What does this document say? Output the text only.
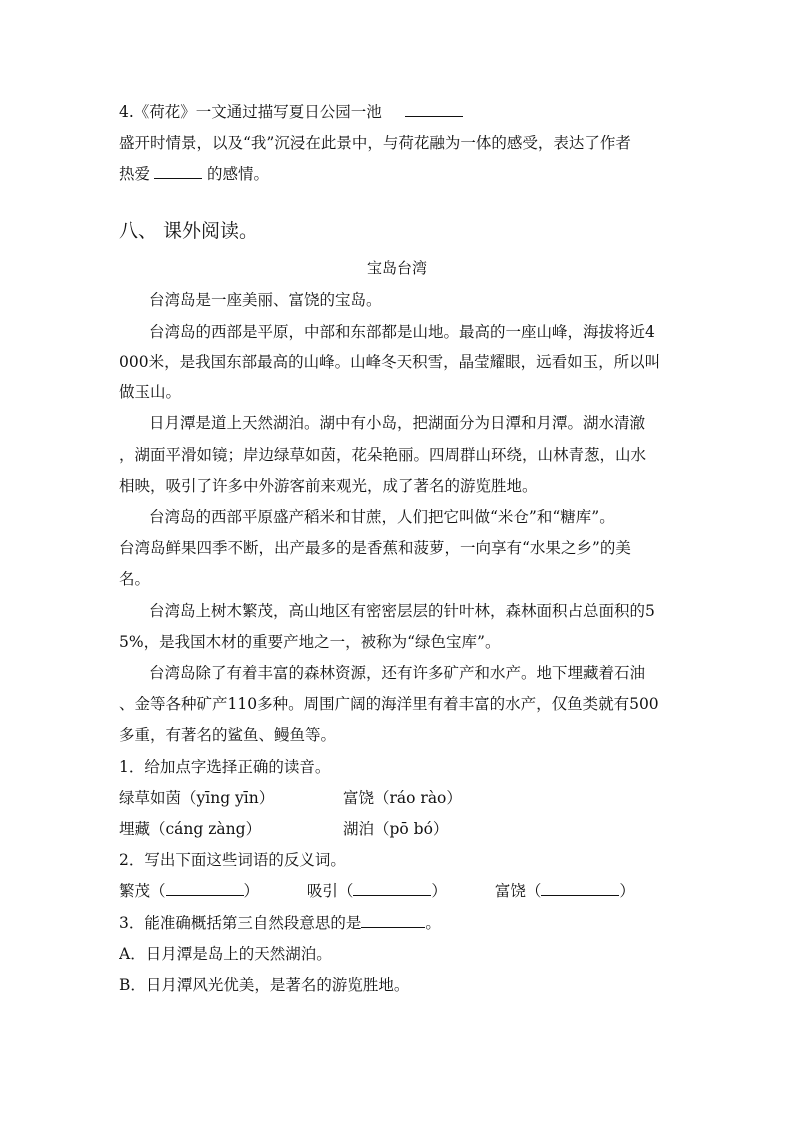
4.《荷花》一文通过描写夏日公园一池
盛开时情景，以及“我”沉浸在此景中，与荷花融为一体的感受，表达了作者
热爱	的感情。
八、 课外阅读。
宝岛台湾
台湾岛是一座美丽、富饶的宝岛。
台湾岛的西部是平原，中部和东部都是山地。最高的一座山峰，海拔将近4
000米，是我国东部最高的山峰。山峰冬天积雪，晶莹耀眼，远看如玉，所以叫
做玉山。
日月潭是道上天然湖泊。湖中有小岛，把湖面分为日潭和月潭。湖水清澈
，湖面平滑如镜；岸边绿草如茵，花朵艳丽。四周群山环绕，山林青葱，山水
相映，吸引了许多中外游客前来观光，成了著名的游览胜地。
台湾岛的西部平原盛产稻米和甘蔗，人们把它叫做“米仓”和“糖库”。
台湾岛鲜果四季不断，出产最多的是香蕉和菠萝，一向享有“水果之乡”的美
名。
台湾岛上树木繁茂，高山地区有密密层层的针叶林，森林面积占总面积的5
5%，是我国木材的重要产地之一，被称为“绿色宝库”。
台湾岛除了有着丰富的森林资源，还有许多矿产和水产。地下埋藏着石油
、金等各种矿产110多种。周围广阔的海洋里有着丰富的水产，仅鱼类就有500
多重，有著名的鲨鱼、鳗鱼等。
1．给加点字选择正确的读音。
绿草如茵（yīng yīn）	富饶（ráo rào）
埋藏（cáng zàng）	湖泊（pō bó）
2．写出下面这些词语的反义词。
繁茂（	）	吸引（	）	富饶（	）
3．能准确概括第三自然段意思的是	。
A．日月潭是岛上的天然湖泊。
B．日月潭风光优美，是著名的游览胜地。
